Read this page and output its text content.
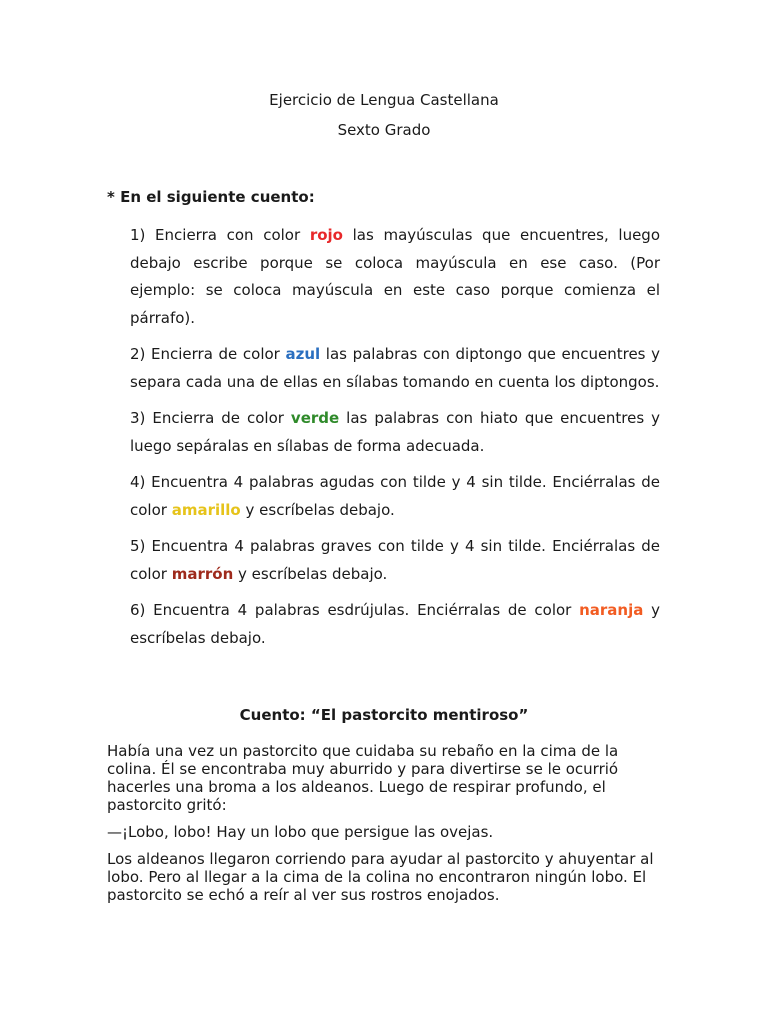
Ejercicio de Lengua Castellana
Sexto Grado

* En el siguiente cuento:

1) Encierra con color rojo las mayúsculas que encuentres, luego debajo escribe porque se coloca mayúscula en ese caso. (Por ejemplo: se coloca mayúscula en este caso porque comienza el párrafo).
2) Encierra de color azul las palabras con diptongo que encuentres y separa cada una de ellas en sílabas tomando en cuenta los diptongos.
3) Encierra de color verde las palabras con hiato que encuentres y luego sepáralas en sílabas de forma adecuada.
4) Encuentra 4 palabras agudas con tilde y 4 sin tilde. Enciérralas de color amarillo y escríbelas debajo.
5) Encuentra 4 palabras graves con tilde y 4 sin tilde. Enciérralas de color marrón y escríbelas debajo.
6) Encuentra 4 palabras esdrújulas. Enciérralas de color naranja y escríbelas debajo.
Cuento: “El pastorcito mentiroso”

Había una vez un pastorcito que cuidaba su rebaño en la cima de la colina. Él se encontraba muy aburrido y para divertirse se le ocurrió hacerles una broma a los aldeanos. Luego de respirar profundo, el pastorcito gritó:

—¡Lobo, lobo! Hay un lobo que persigue las ovejas.

Los aldeanos llegaron corriendo para ayudar al pastorcito y ahuyentar al lobo. Pero al llegar a la cima de la colina no encontraron ningún lobo. El pastorcito se echó a reír al ver sus rostros enojados.
